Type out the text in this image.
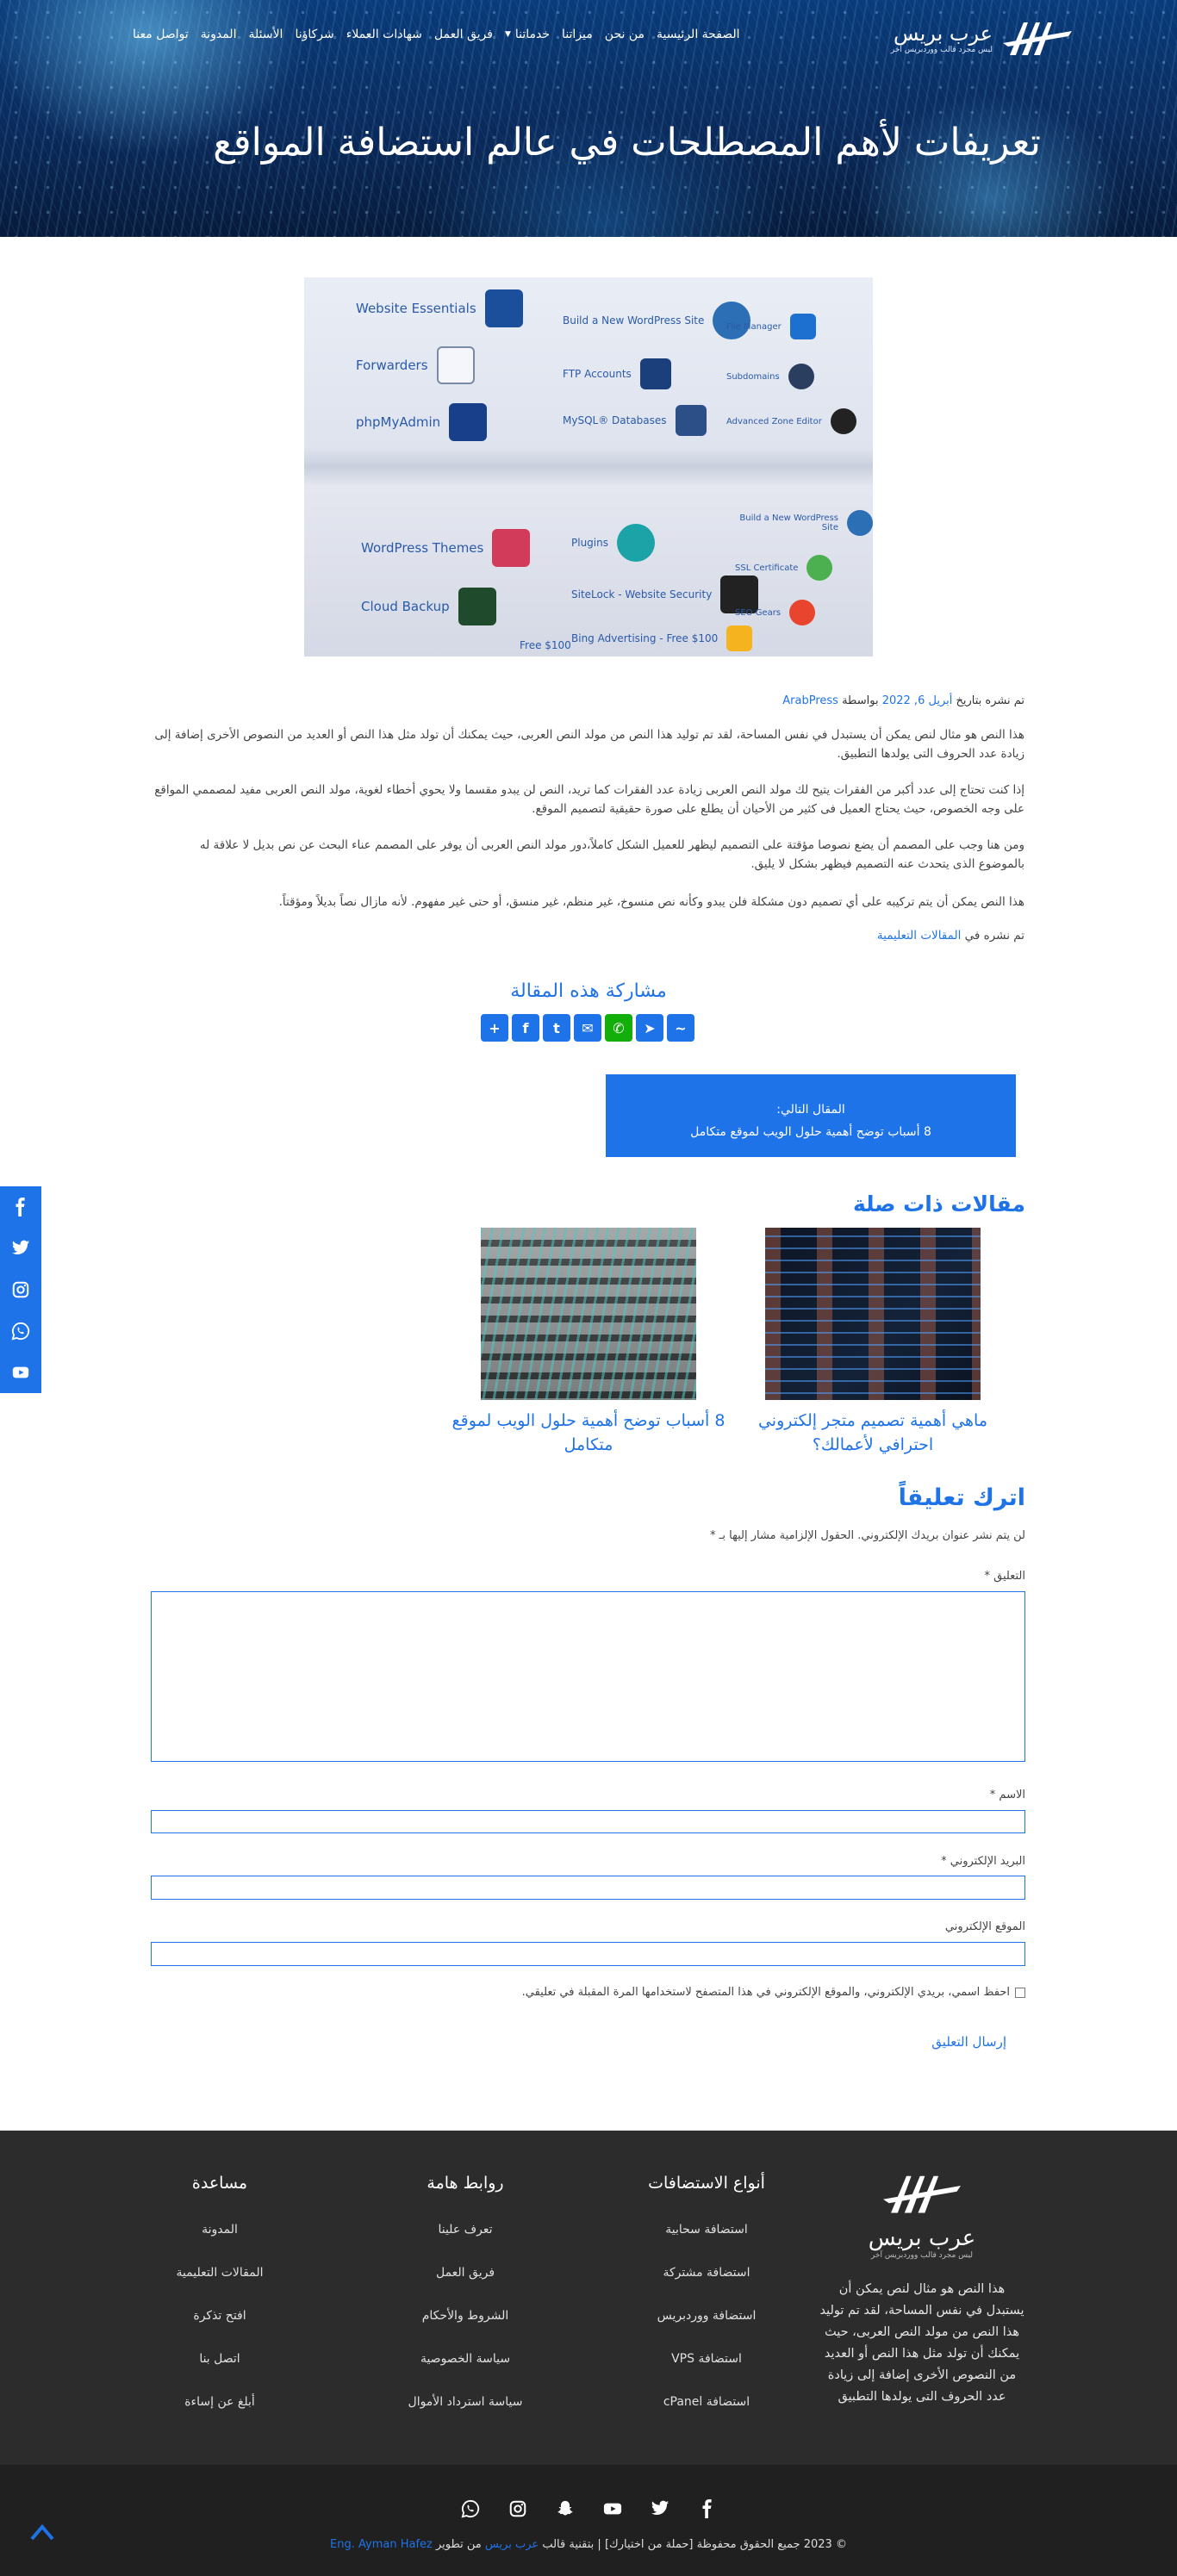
عرب بريس
ليس مجرد قالب ووردبريس آخر
الصفحة الرئيسية
من نحن
ميزاتنا
خدماتنا
▼
فريق العمل
شهادات العملاء
شركاؤنا
الأسئلة
المدونة
تواصل معنا
تعريفات لأهم المصطلحات في عالم استضافة المواقع
Website Essentials
Build a New WordPress Site	File Manager
Forwarders
FTP Accounts	Subdomains
phpMyAdmin	MySQL® Databases	Advanced Zone Editor
WordPress Themes	Plugins
Build a New WordPress Site
Cloud Backup
SiteLock - Website Security
SSL Certificate
Bing Advertising - Free $100
SEO Gears
Free $100
تم نشره بتاريخ أبريل 6, 2022 بواسطة ArabPress

هذا النص هو مثال لنص يمكن أن يستبدل في نفس المساحة، لقد تم توليد هذا النص من مولد النص العربى، حيث يمكنك أن تولد مثل هذا النص أو العديد من النصوص الأخرى إضافة إلى زيادة عدد الحروف التى يولدها التطبيق.

إذا كنت تحتاج إلى عدد أكبر من الفقرات يتيح لك مولد النص العربى زيادة عدد الفقرات كما تريد، النص لن يبدو مقسما ولا يحوي أخطاء لغوية، مولد النص العربى مفيد لمصممي المواقع على وجه الخصوص، حيث يحتاج العميل فى كثير من الأحيان أن يطلع على صورة حقيقية لتصميم الموقع.

ومن هنا وجب على المصمم أن يضع نصوصا مؤقتة على التصميم ليظهر للعميل الشكل كاملاً،دور مولد النص العربى أن يوفر على المصمم عناء البحث عن نص بديل لا علاقة له بالموضوع الذى يتحدث عنه التصميم فيظهر بشكل لا يليق.

هذا النص يمكن أن يتم تركيبه على أي تصميم دون مشكلة فلن يبدو وكأنه نص منسوخ، غير منظم، غير منسق، أو حتى غير مفهوم. لأنه مازال نصاً بديلاً ومؤقتاً.

تم نشره في المقالات التعليمية
مشاركة هذه المقالة
+ f t ✉ ✆ ➤ ~
المقال التالي:
8 أسباب توضح أهمية حلول الويب لموقع متكامل
مقالات ذات صلة
ماهي أهمية تصميم متجر إلكتروني احترافي لأعمالك؟
8 أسباب توضح أهمية حلول الويب لموقع متكامل
اترك تعليقاً
لن يتم نشر عنوان بريدك الإلكتروني. الحقول الإلزامية مشار إليها بـ *
التعليق *
الاسم *
البريد الإلكتروني *
الموقع الإلكتروني
احفظ اسمي، بريدي الإلكتروني، والموقع الإلكتروني في هذا المتصفح لاستخدامها المرة المقبلة في تعليقي.
إرسال التعليق
عرب بريس
ليس مجرد قالب ووردبريس آخر

هذا النص هو مثال لنص يمكن أن يستبدل في نفس المساحة، لقد تم توليد هذا النص من مولد النص العربى، حيث يمكنك أن تولد مثل هذا النص أو العديد من النصوص الأخرى إضافة إلى زيادة عدد الحروف التى يولدها التطبيق

أنواع الاستضافات
استضافة سحابية
استضافة مشتركة
استضافة ووردبريس
استضافة VPS
استضافة cPanel
روابط هامة
تعرف علينا
فريق العمل
الشروط والأحكام
سياسة الخصوصية
سياسة استرداد الأموال
مساعدة
المدونة
المقالات التعليمية
افتح تذكرة
اتصل بنا
أبلغ عن إساءة
© 2023 جميع الحقوق محفوظة [حملة من اختيارك] | بتقنية قالب عرب بريس من تطوير Eng. Ayman Hafez
